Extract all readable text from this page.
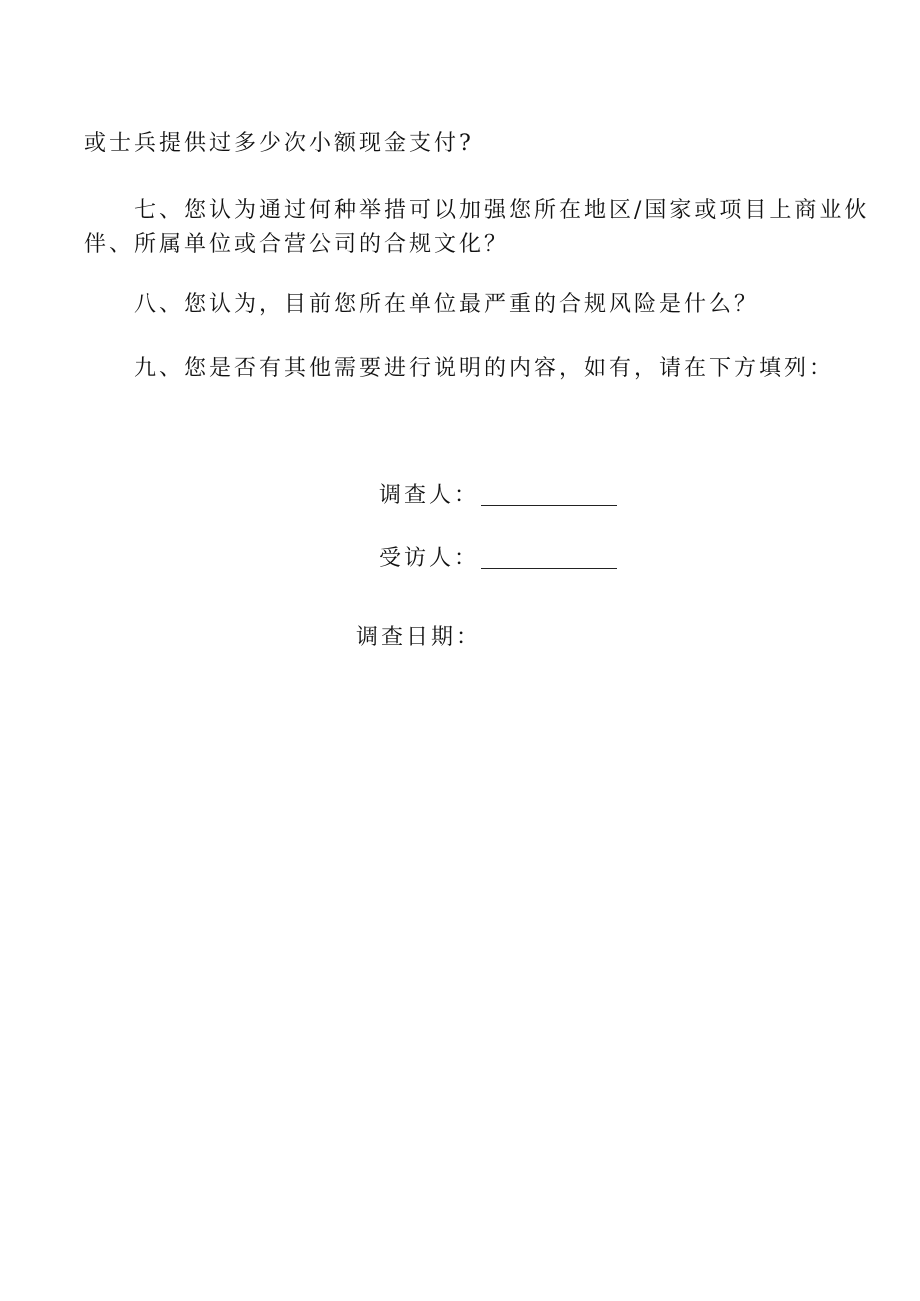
或士兵提供过多少次小额现金支付?

七、您认为通过何种举措可以加强您所在地区/国家或项目上商业伙

伴、所属单位或合营公司的合规文化？

八、您认为，目前您所在单位最严重的合规风险是什么？

九、您是否有其他需要进行说明的内容，如有，请在下方填列：

调查人：
受访人：
调查日期：
